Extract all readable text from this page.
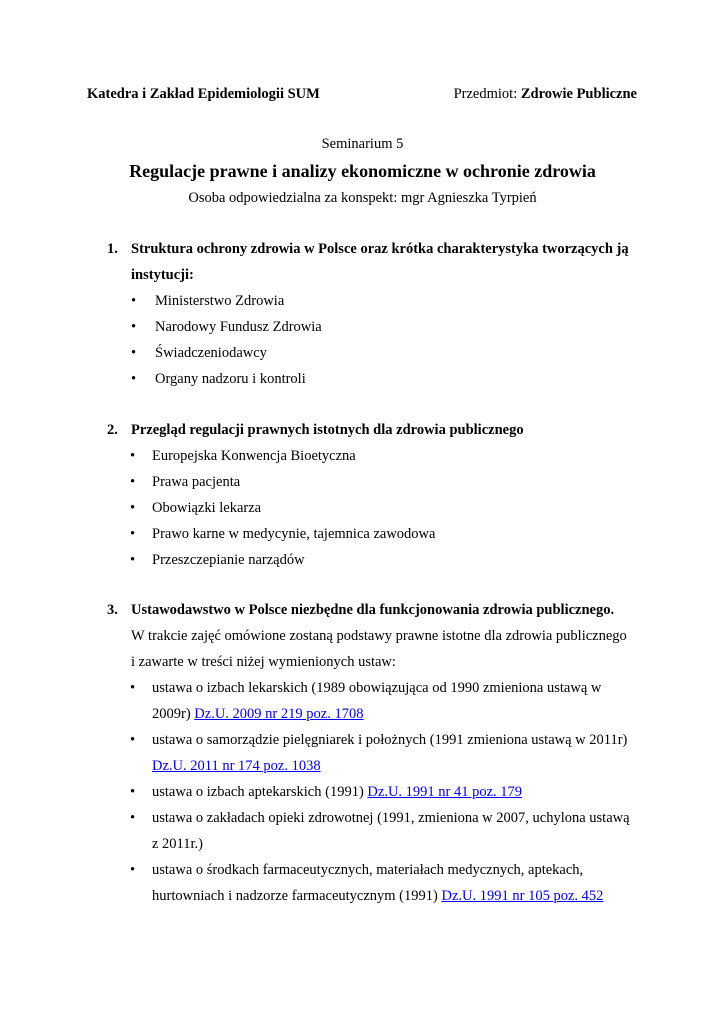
Katedra i Zakład Epidemiologii SUM	Przedmiot: Zdrowie Publiczne
Seminarium 5
Regulacje prawne i analizy ekonomiczne w ochronie zdrowia
Osoba odpowiedzialna za konspekt: mgr Agnieszka Tyrpień
1. Struktura ochrony zdrowia w Polsce oraz krótka charakterystyka tworzących ją
instytucji:
• Ministerstwo Zdrowia
• Narodowy Fundusz Zdrowia
• Świadczeniodawcy
• Organy nadzoru i kontroli
2. Przegląd regulacji prawnych istotnych dla zdrowia publicznego
• Europejska Konwencja Bioetyczna
• Prawa pacjenta
• Obowiązki lekarza
• Prawo karne w medycynie, tajemnica zawodowa
• Przeszczepianie narządów
3. Ustawodawstwo w Polsce niezbędne dla funkcjonowania zdrowia publicznego.
W trakcie zajęć omówione zostaną podstawy prawne istotne dla zdrowia publicznego
i zawarte w treści niżej wymienionych ustaw:
• ustawa o izbach lekarskich (1989 obowiązująca od 1990 zmieniona ustawą w
2009r) Dz.U. 2009 nr 219 poz. 1708
• ustawa o samorządzie pielęgniarek i położnych (1991 zmieniona ustawą w 2011r)
Dz.U. 2011 nr 174 poz. 1038
• ustawa o izbach aptekarskich (1991) Dz.U. 1991 nr 41 poz. 179
• ustawa o zakładach opieki zdrowotnej (1991, zmieniona w 2007, uchylona ustawą
z 2011r.)
• ustawa o środkach farmaceutycznych, materiałach medycznych, aptekach,
hurtowniach i nadzorze farmaceutycznym (1991) Dz.U. 1991 nr 105 poz. 452
